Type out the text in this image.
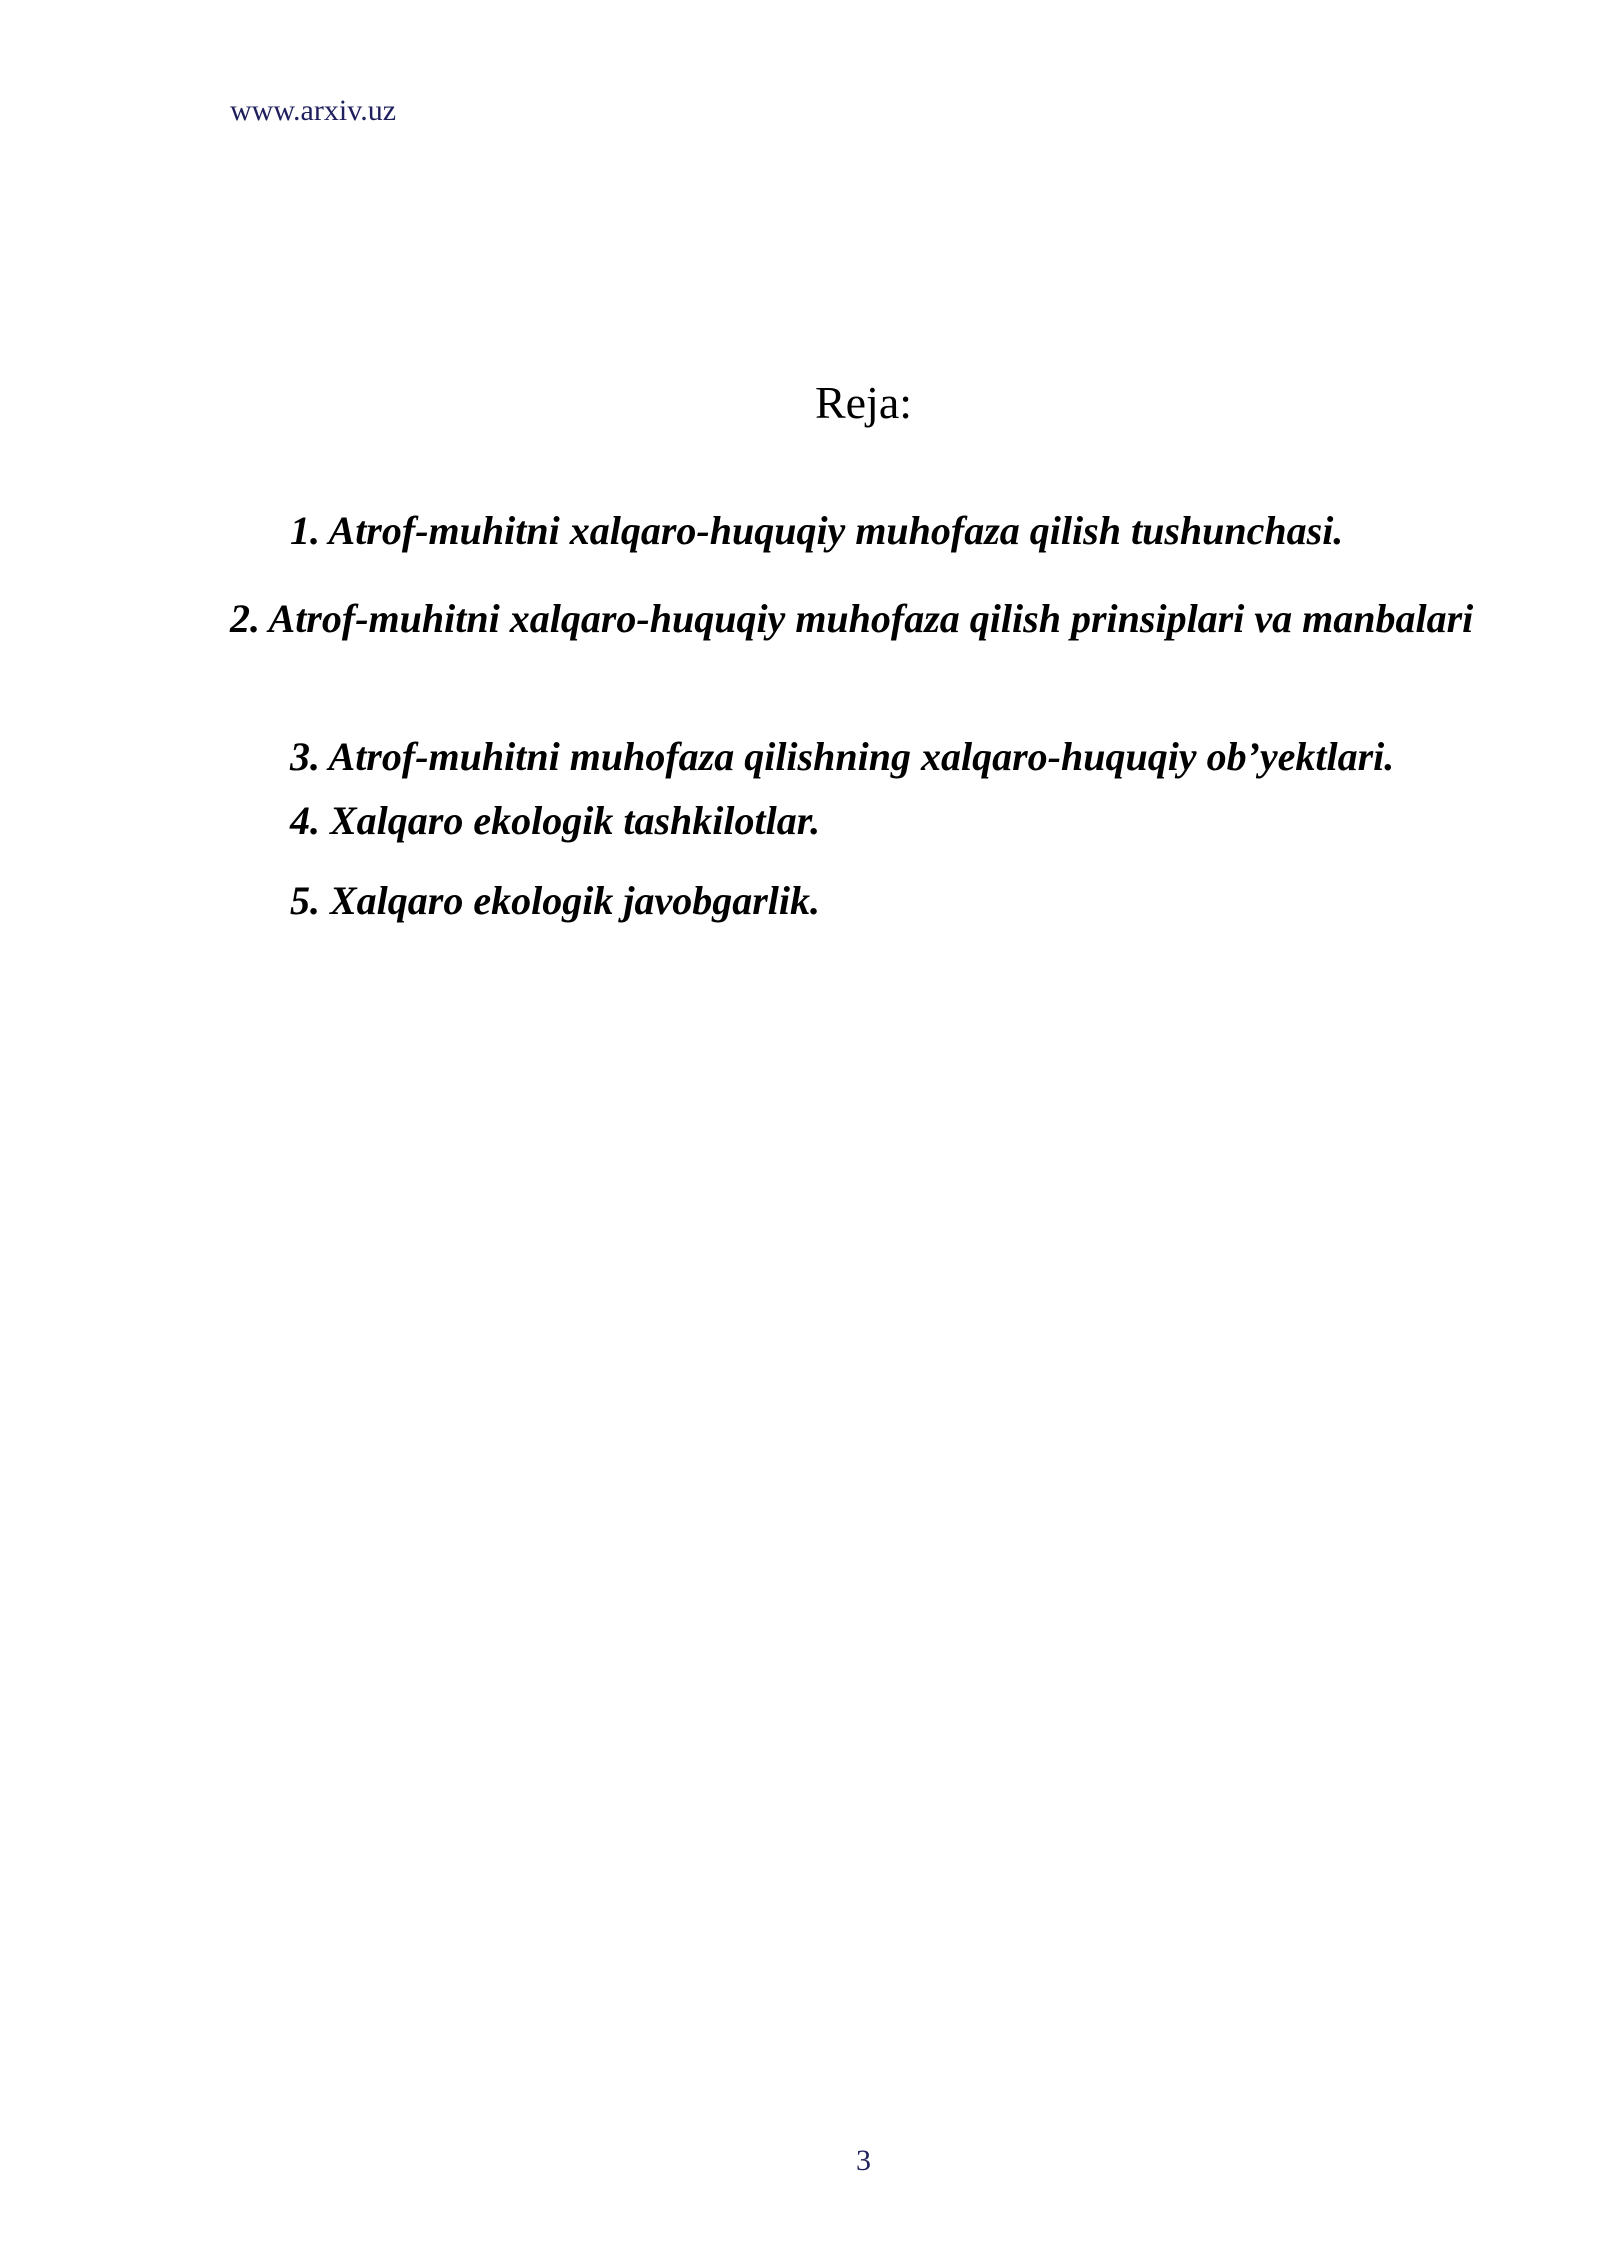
www.arxiv.uz
Reja:

1. Atrof-muhitni xalqaro-huquqiy muhofaza qilish tushunchasi.

2. Atrof-muhitni xalqaro-huquqiy muhofaza qilish prinsiplari va manbalari

3. Atrof-muhitni muhofaza qilishning xalqaro-huquqiy ob’yektlari.

4. Xalqaro ekologik tashkilotlar.

5. Xalqaro ekologik javobgarlik.

3
